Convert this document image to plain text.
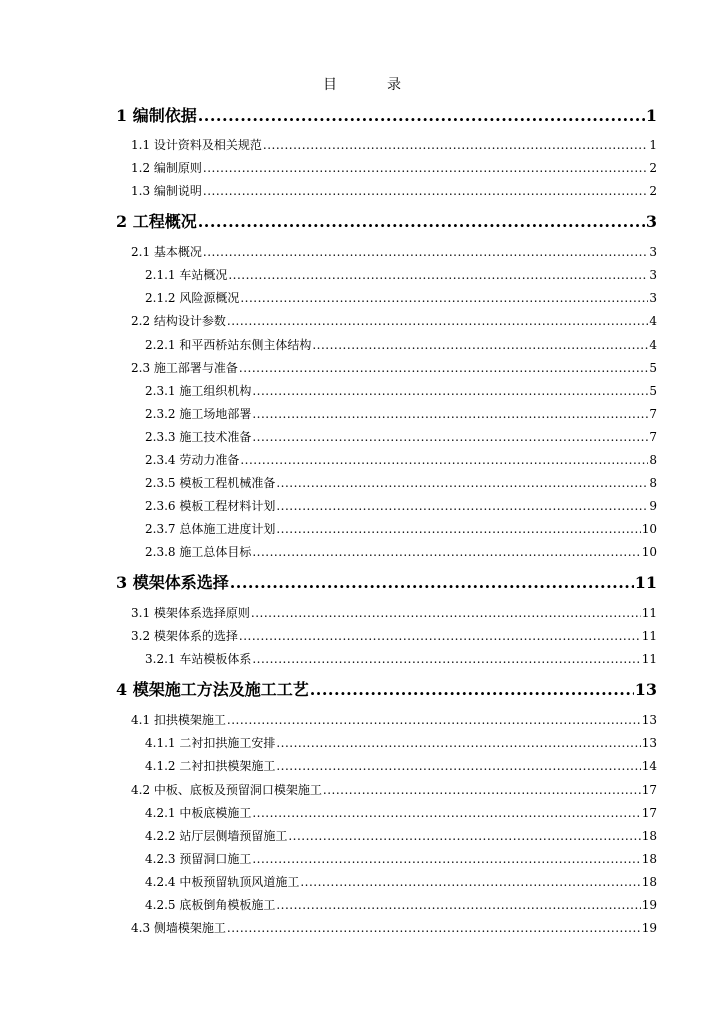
目　录
1 编制依据 .....	1
1.1 设计资料及相关规范 .....	1
1.2 编制原则 .....	2
1.3 编制说明 .....	2
2 工程概况 .....	3
2.1 基本概况 .....	3
2.1.1 车站概况 .....	3
2.1.2 风险源概况 .....	3
2.2 结构设计参数 .....	4
2.2.1 和平西桥站东侧主体结构 .....	4
2.3 施工部署与准备 .....	5
2.3.1 施工组织机构 .....	5
2.3.2 施工场地部署 .....	7
2.3.3 施工技术准备 .....	7
2.3.4 劳动力准备 .....	8
2.3.5 模板工程机械准备 .....	8
2.3.6 模板工程材料计划 .....	9
2.3.7 总体施工进度计划 .....	10
2.3.8 施工总体目标 .....	10
3 模架体系选择 .....	11
3.1 模架体系选择原则 .....	11
3.2 模架体系的选择 .....	11
3.2.1 车站模板体系 .....	11
4 模架施工方法及施工工艺 .....	13
4.1 扣拱模架施工 .....	13
4.1.1 二衬扣拱施工安排 .....	13
4.1.2 二衬扣拱模架施工 .....	14
4.2 中板、底板及预留洞口模架施工 .....	17
4.2.1 中板底模施工 .....	17
4.2.2 站厅层侧墙预留施工 .....	18
4.2.3 预留洞口施工 .....	18
4.2.4 中板预留轨顶风道施工 .....	18
4.2.5 底板倒角模板施工 .....	19
4.3 侧墙模架施工 .....	19
